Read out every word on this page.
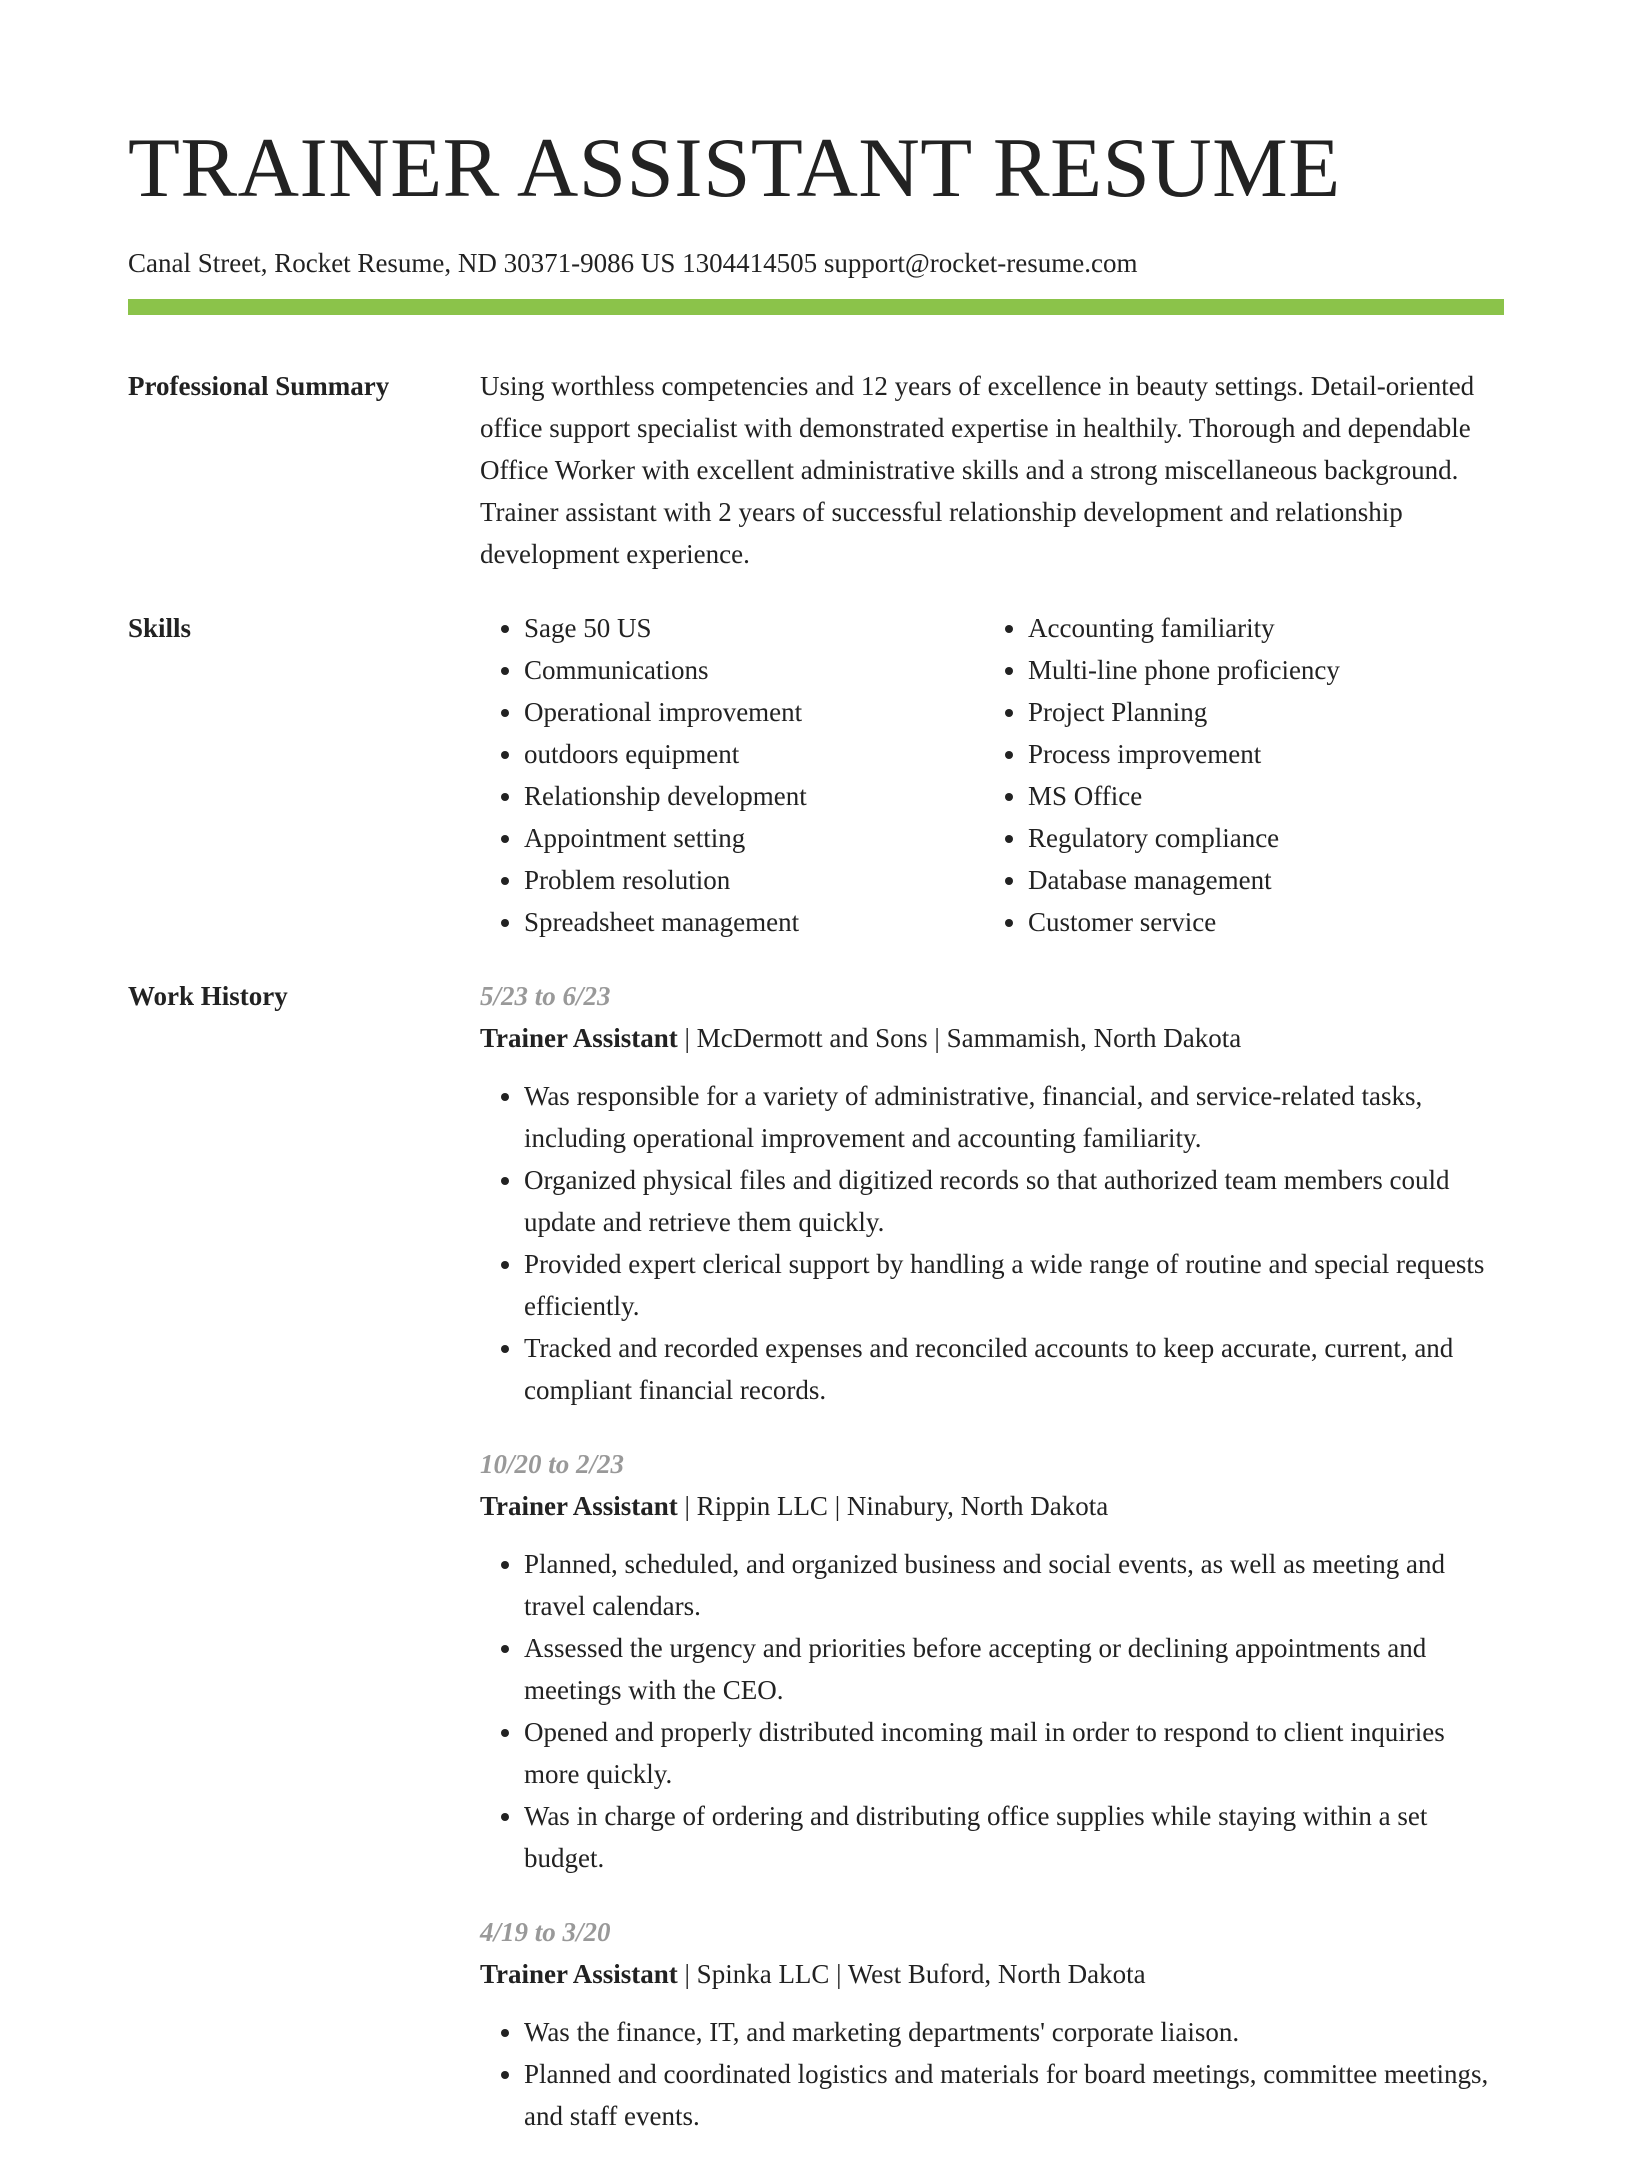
TRAINER ASSISTANT RESUME
Canal Street, Rocket Resume, ND 30371-9086 US 1304414505 support@rocket-resume.com
Professional Summary	Using worthless competencies and 12 years of excellence in beauty settings. Detail-oriented office support specialist with demonstrated expertise in healthily. Thorough and dependable Office Worker with excellent administrative skills and a strong miscellaneous background. Trainer assistant with 2 years of successful relationship development and relationship development experience.

Skills
•	Sage 50 US
• Communications
• Operational improvement
• outdoors equipment
• Relationship development
• Appointment setting
• Problem resolution
• Spreadsheet management
• Accounting familiarity
• Multi-line phone proficiency
• Project Planning
• Process improvement
• MS Office
• Regulatory compliance
• Database management
• Customer service
Work History	5/23 to 6/23
Trainer Assistant | McDermott and Sons | Sammamish, North Dakota
• Was responsible for a variety of administrative, financial, and service-related tasks, including operational improvement and accounting familiarity.
• Organized physical files and digitized records so that authorized team members could update and retrieve them quickly.
• Provided expert clerical support by handling a wide range of routine and special requests efficiently.
• Tracked and recorded expenses and reconciled accounts to keep accurate, current, and compliant financial records.
10/20 to 2/23
Trainer Assistant | Rippin LLC | Ninabury, North Dakota
• Planned, scheduled, and organized business and social events, as well as meeting and travel calendars.
• Assessed the urgency and priorities before accepting or declining appointments and meetings with the CEO.
• Opened and properly distributed incoming mail in order to respond to client inquiries more quickly.
• Was in charge of ordering and distributing office supplies while staying within a set budget.
4/19 to 3/20
Trainer Assistant | Spinka LLC | West Buford, North Dakota
• Was the finance, IT, and marketing departments' corporate liaison.
• Planned and coordinated logistics and materials for board meetings, committee meetings, and staff events.
